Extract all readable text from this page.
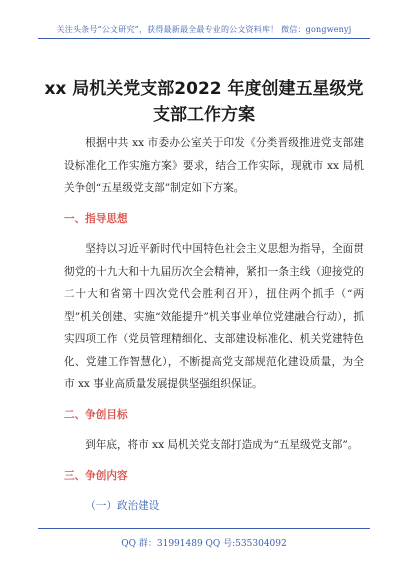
关注头条号“公文研究”，获得最新最全最专业的公文资料库！ 微信：gongwenyj
xx 局机关党支部2022 年度创建五星级党支部工作方案

根据中共 xx 市委办公室关于印发《分类晋级推进党支部建设标准化工作实施方案》要求，结合工作实际，现就市 xx 局机关争创“五星级党支部”制定如下方案。

一、指导思想

坚持以习近平新时代中国特色社会主义思想为指导，全面贯彻党的十九大和十九届历次全会精神，紧扣一条主线（迎接党的二十大和省第十四次党代会胜利召开），扭住两个抓手（“两型”机关创建、实施“效能提升”机关事业单位党建融合行动），抓实四项工作（党员管理精细化、支部建设标准化、机关党建特色化、党建工作智慧化），不断提高党支部规范化建设质量，为全市 xx 事业高质量发展提供坚强组织保证。

二、争创目标

到年底，将市 xx 局机关党支部打造成为“五星级党支部”。

三、争创内容
（一）政治建设
QQ 群：31991489 QQ 号:535304092
